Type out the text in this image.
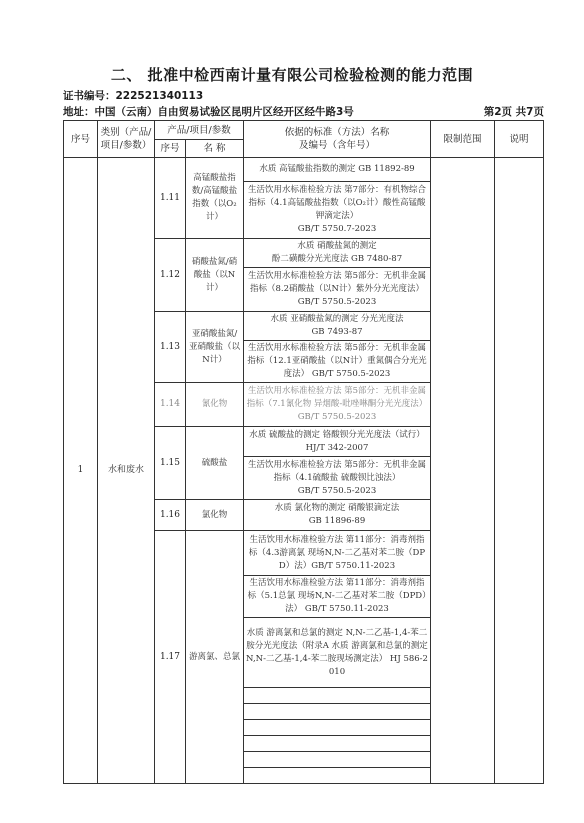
二、 批准中检西南计量有限公司检验检测的能力范围
证书编号：222521340113
地址：中国（云南）自由贸易试验区昆明片区经开区经牛路3号	第2页 共7页
序号	类别（产品/项目/参数）	产品/项目/参数		依据的标准（方法）名称
及编号（含年号）	限制范围	说明
		序号	名 称			
1	水和废水	1.11	高锰酸盐指数/高锰酸盐指数（以O₂计）	水质 高锰酸盐指数的测定 GB 11892-89		
				生活饮用水标准检验方法 第7部分：有机物综合指标（4.1高锰酸盐指数（以O₂计）酸性高锰酸钾滴定法）
GB/T 5750.7-2023		
		1.12	硝酸盐氮/硝酸盐（以N计）	水质 硝酸盐氮的测定
酚二磺酸分光光度法 GB 7480-87		
				生活饮用水标准检验方法 第5部分：无机非金属指标（8.2硝酸盐（以N计）紫外分光光度法） GB/T 5750.5-2023		
		1.13	亚硝酸盐氮/亚硝酸盐（以N计）	水质 亚硝酸盐氮的测定 分光光度法
GB 7493-87		
				生活饮用水标准检验方法 第5部分：无机非金属指标（12.1亚硝酸盐（以N计）重氮偶合分光光度法） GB/T 5750.5-2023		
		1.14	氰化物	生活饮用水标准检验方法 第5部分：无机非金属指标（7.1氰化物 异烟酸-吡唑啉酮分光光度法） GB/T 5750.5-2023		
		1.15	硫酸盐	水质 硫酸盐的测定 铬酸钡分光光度法（试行） HJ/T 342-2007		
				生活饮用水标准检验方法 第5部分：无机非金属指标（4.1硫酸盐 硫酸钡比浊法）
GB/T 5750.5-2023		
		1.16	氯化物	水质 氯化物的测定 硝酸银滴定法
GB 11896-89		
		1.17	游离氯、总氯	生活饮用水标准检验方法 第11部分：消毒剂指标（4.3游离氯 现场N,N-二乙基对苯二胺（DPD）法）GB/T 5750.11-2023		
				生活饮用水标准检验方法 第11部分：消毒剂指标（5.1总氯 现场N,N-二乙基对苯二胺（DPD）法） GB/T 5750.11-2023		
				水质 游离氯和总氯的测定 N,N-二乙基-1,4-苯二胺分光光度法（附录A 水质 游离氯和总氯的测定 N,N-二乙基-1,4-苯二胺现场测定法） HJ 586-2010		
